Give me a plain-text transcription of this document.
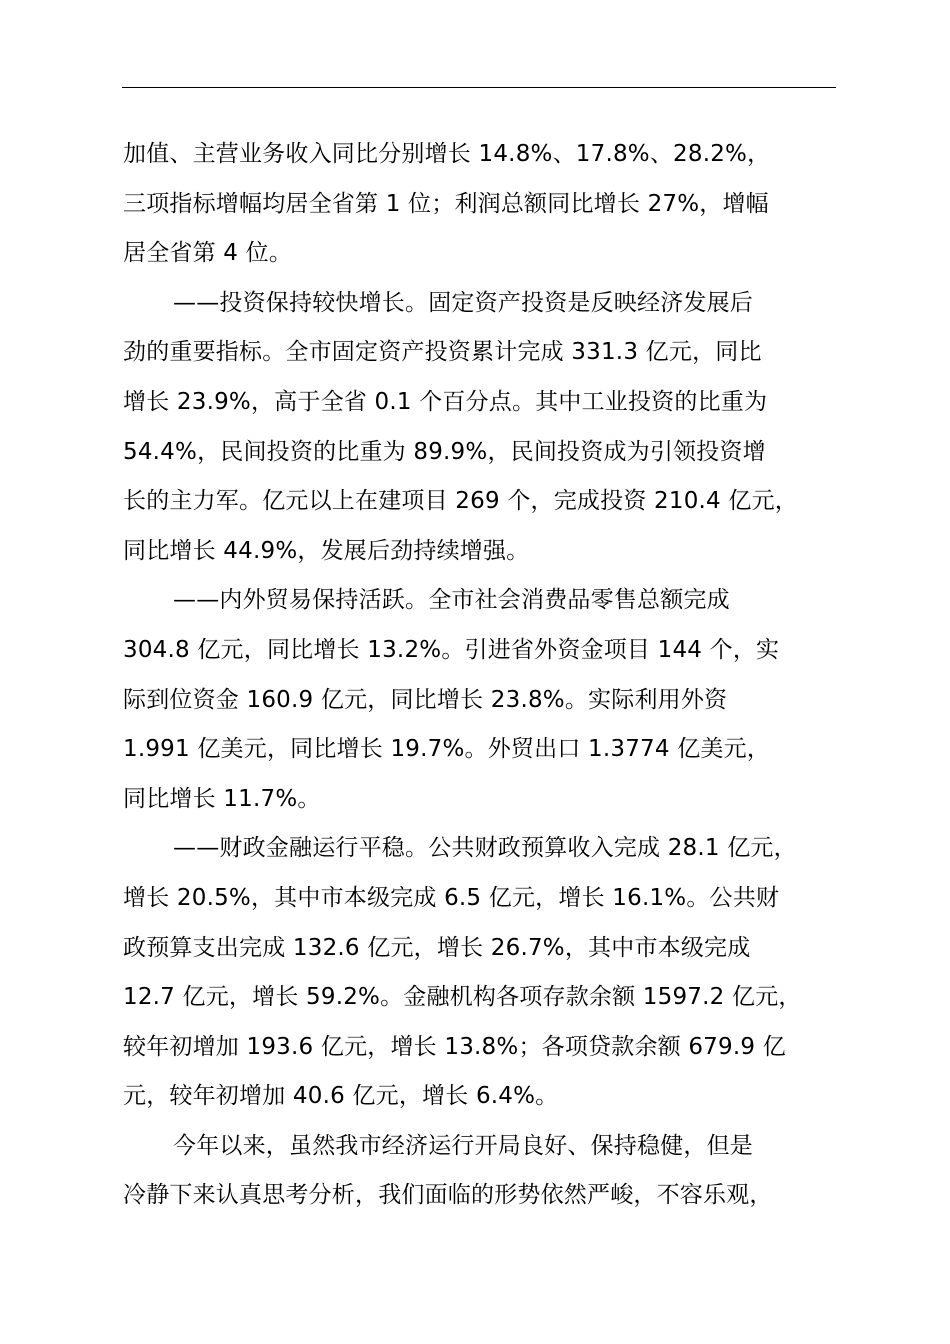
加值、主营业务收入同比分别增长 14.8%、17.8%、28.2%，
三项指标增幅均居全省第 1 位；利润总额同比增长 27%，增幅
居全省第 4 位。
——投资保持较快增长。固定资产投资是反映经济发展后
劲的重要指标。全市固定资产投资累计完成 331.3 亿元，同比
增长 23.9%，高于全省 0.1 个百分点。其中工业投资的比重为
54.4%，民间投资的比重为 89.9%，民间投资成为引领投资增
长的主力军。亿元以上在建项目 269 个，完成投资 210.4 亿元，
同比增长 44.9%，发展后劲持续增强。
——内外贸易保持活跃。全市社会消费品零售总额完成
304.8 亿元，同比增长 13.2%。引进省外资金项目 144 个，实
际到位资金 160.9 亿元，同比增长 23.8%。实际利用外资
1.991 亿美元，同比增长 19.7%。外贸出口 1.3774 亿美元，
同比增长 11.7%。
——财政金融运行平稳。公共财政预算收入完成 28.1 亿元，
增长 20.5%，其中市本级完成 6.5 亿元，增长 16.1%。公共财
政预算支出完成 132.6 亿元，增长 26.7%，其中市本级完成
12.7 亿元，增长 59.2%。金融机构各项存款余额 1597.2 亿元，
较年初增加 193.6 亿元，增长 13.8%；各项贷款余额 679.9 亿
元，较年初增加 40.6 亿元，增长 6.4%。
今年以来，虽然我市经济运行开局良好、保持稳健，但是
冷静下来认真思考分析，我们面临的形势依然严峻，不容乐观，
